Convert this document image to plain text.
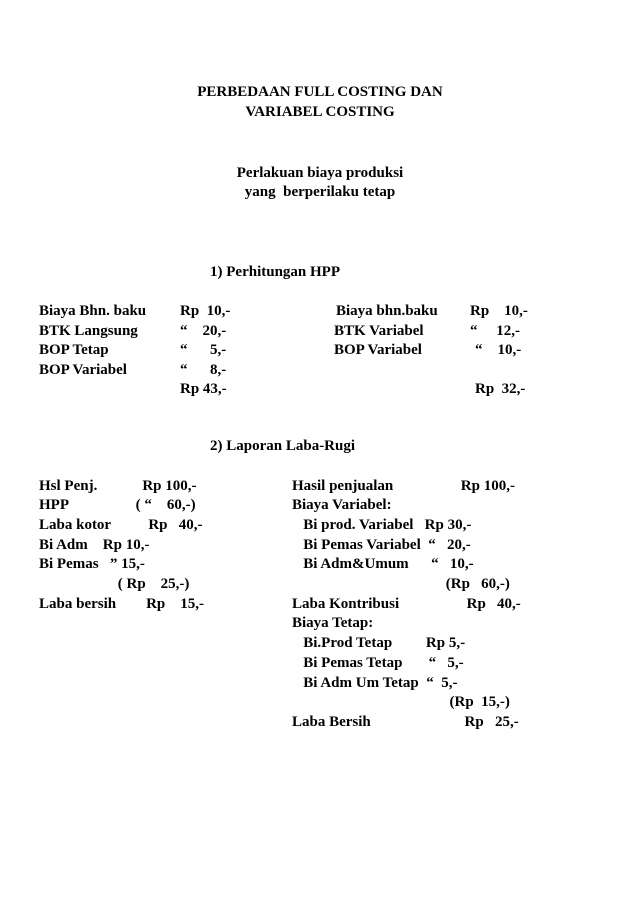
PERBEDAAN FULL COSTING DAN
VARIABEL COSTING
Perlakuan biaya produksi
yang  berperilaku tetap
1) Perhitungan HPP
Biaya Bhn. baku Rp  10,-
BTK Langsung	“    20,-
BOP Tetap	“      5,-
BOP Variabel	“      8,-
Rp 43,-
Biaya bhn.baku Rp    10,-
BTK Variabel	“     12,-
BOP Variabel	“    10,-
Rp  32,-
2) Laporan Laba-Rugi
Hsl Penj.            Rp 100,-
HPP                  ( “    60,-)
Laba kotor          Rp   40,-
Bi Adm    Rp 10,-
Bi Pemas   ” 15,-
( Rp    25,-)
Laba bersih        Rp    15,-
Hasil penjualan                  Rp 100,-
Biaya Variabel:
Bi prod. Variabel   Rp 30,-
Bi Pemas Variabel  “   20,-
Bi Adm&Umum      “   10,-
(Rp   60,-)
Laba Kontribusi                  Rp   40,-
Biaya Tetap:
Bi.Prod Tetap         Rp 5,-
Bi Pemas Tetap       “   5,-
Bi Adm Um Tetap  “  5,-
(Rp  15,-)
Laba Bersih                         Rp   25,-
